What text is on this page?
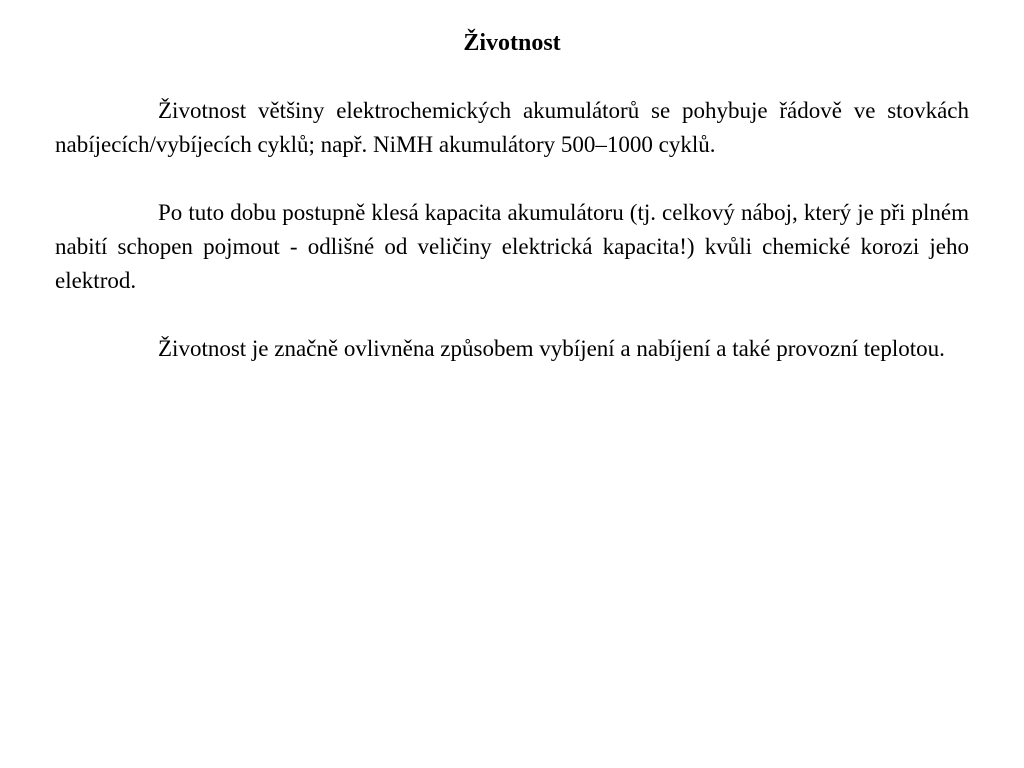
Životnost

Životnost většiny elektrochemických akumulátorů se pohybuje řádově ve stovkách nabíjecích/vybíjecích cyklů; např. NiMH akumulátory 500–1000 cyklů.

Po tuto dobu postupně klesá kapacita akumulátoru (tj. celkový náboj, který je při plném nabití schopen pojmout - odlišné od veličiny elektrická kapacita!) kvůli chemické korozi jeho elektrod.

Životnost je značně ovlivněna způsobem vybíjení a nabíjení a také provozní teplotou.
